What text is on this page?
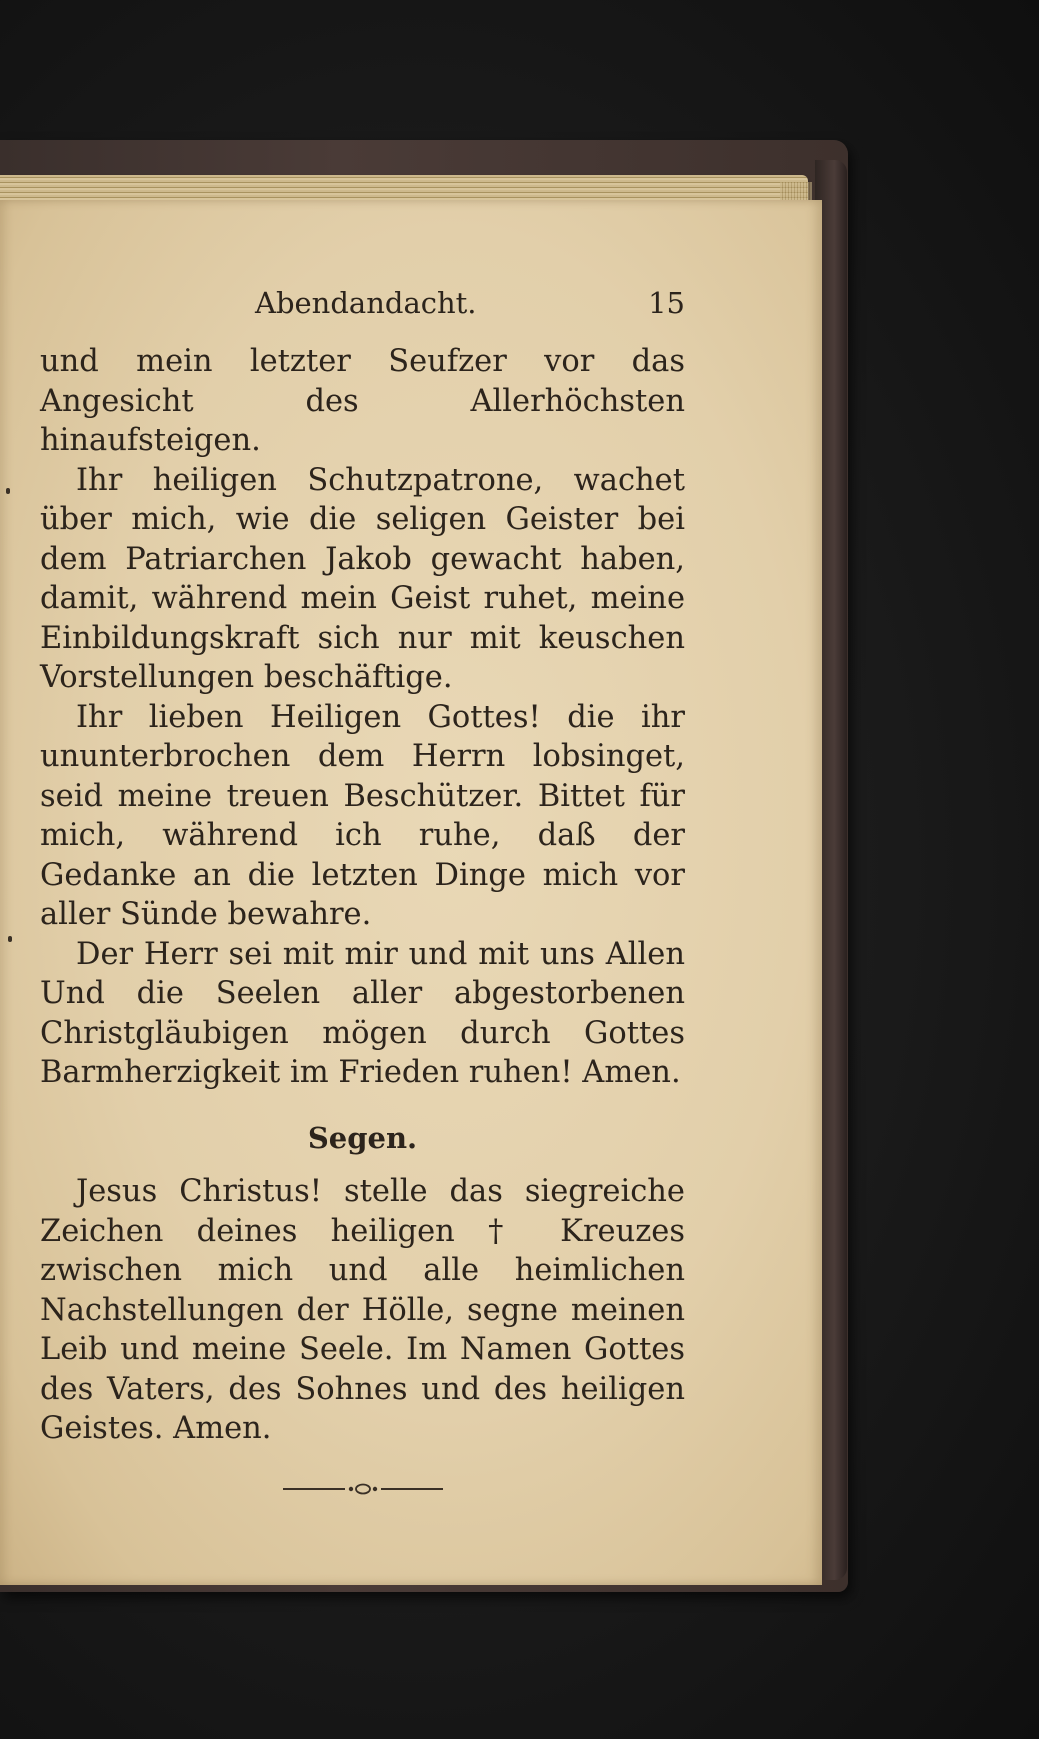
Abendandacht.	15

und mein letzter Seufzer vor das Angesicht des Allerhöchsten hinaufsteigen.

Ihr heiligen Schutzpatrone, wachet über mich, wie die seligen Geister bei dem Patriarchen Jakob gewacht haben, damit, während mein Geist ruhet, meine Einbildungskraft sich nur mit keuschen Vorstellungen beschäftige.

Ihr lieben Heiligen Gottes! die ihr ununterbrochen dem Herrn lobsinget, seid meine treuen Beschützer. Bittet für mich, während ich ruhe, daß der Gedanke an die letzten Dinge mich vor aller Sünde bewahre.

Der Herr sei mit mir und mit uns Allen Und die Seelen aller abgestorbenen Christgläubigen mögen durch Gottes Barmherzigkeit im Frieden ruhen! Amen.

Segen.

Jesus Christus! stelle das siegreiche Zeichen deines heiligen † Kreuzes zwischen mich und alle heimlichen Nachstellungen der Hölle, segne meinen Leib und meine Seele. Im Namen Gottes des Vaters, des Sohnes und des heiligen Geistes. Amen.
